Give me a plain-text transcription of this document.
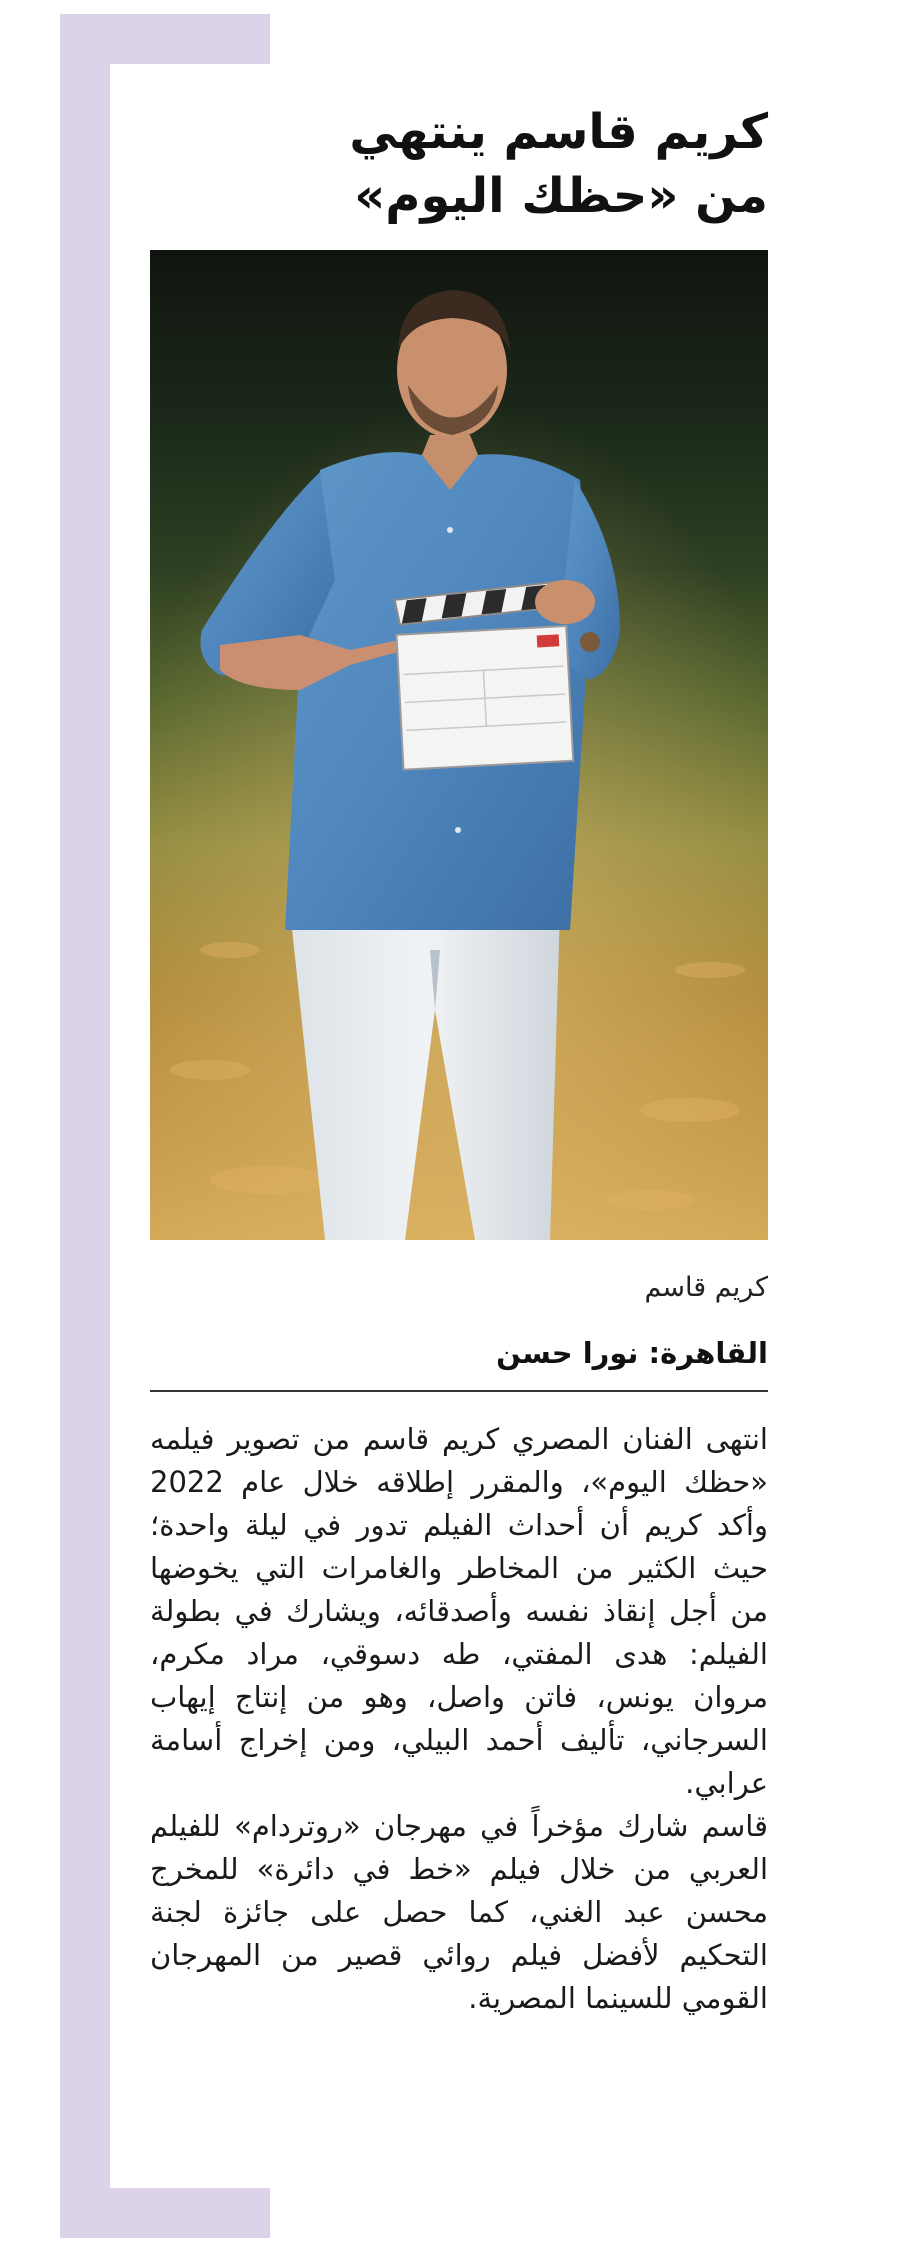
كريم قاسم ينتهي
من «حظك اليوم»
كريم قاسم
القاهرة: نورا حسن

انتهى الفنان المصري كريم قاسم من تصوير فيلمه «حظك اليوم»، والمقرر إطلاقه خلال عام 2022 وأكد كريم أن أحداث الفيلم تدور في ليلة واحدة؛ حيث الكثير من المخاطر والغامرات التي يخوضها من أجل إنقاذ نفسه وأصدقائه، ويشارك في بطولة الفيلم: هدى المفتي، طه دسوقي، مراد مكرم، مروان يونس، فاتن واصل، وهو من إنتاج إيهاب السرجاني، تأليف أحمد البيلي، ومن إخراج أسامة عرابي.

قاسم شارك مؤخراً في مهرجان «روتردام» للفيلم العربي من خلال فيلم «خط في دائرة» للمخرج محسن عبد الغني، كما حصل على جائزة لجنة التحكيم لأفضل فيلم روائي قصير من المهرجان القومي للسينما المصرية.
